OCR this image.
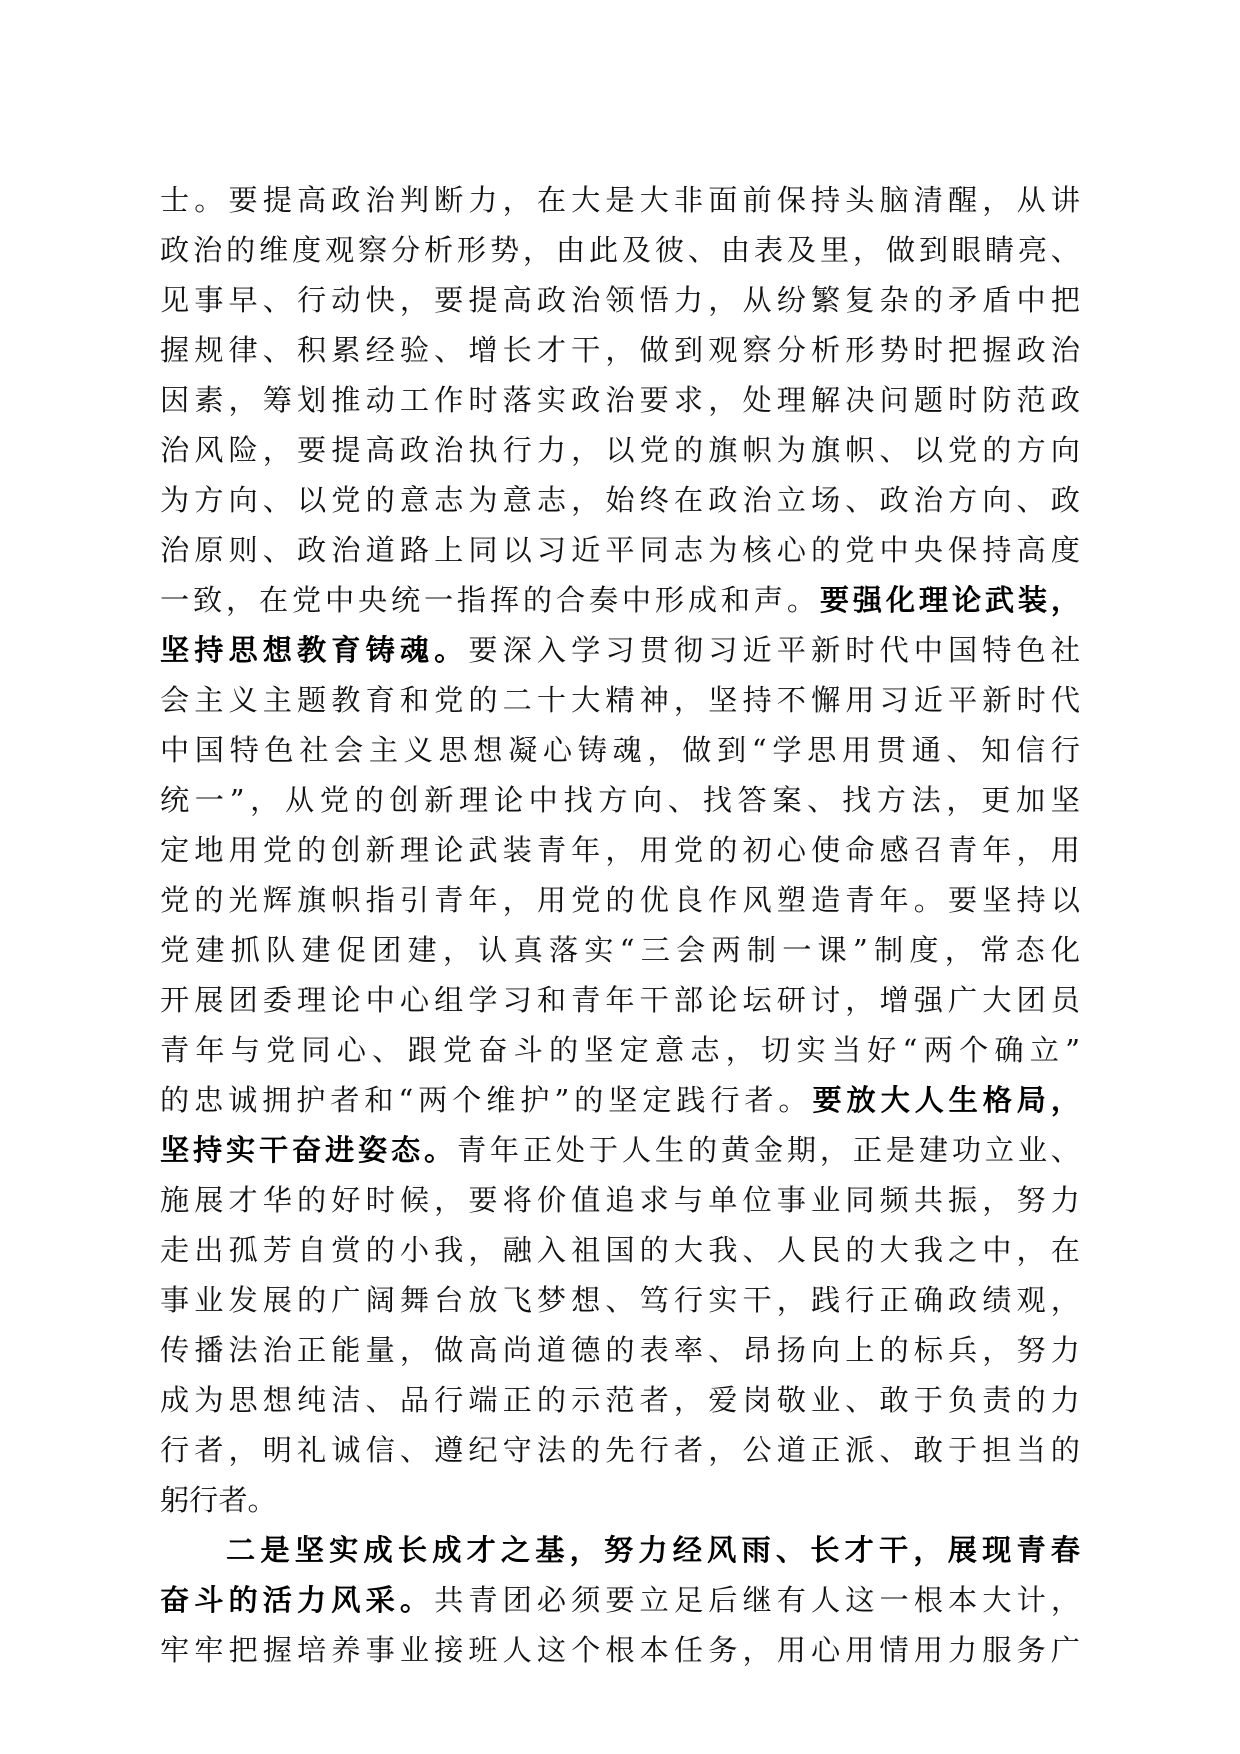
士。要提高政治判断力，在大是大非面前保持头脑清醒，从讲
政治的维度观察分析形势，由此及彼、由表及里，做到眼睛亮、
见事早、行动快，要提高政治领悟力，从纷繁复杂的矛盾中把
握规律、积累经验、增长才干，做到观察分析形势时把握政治
因素，筹划推动工作时落实政治要求，处理解决问题时防范政
治风险，要提高政治执行力，以党的旗帜为旗帜、以党的方向
为方向、以党的意志为意志，始终在政治立场、政治方向、政
治原则、政治道路上同以习近平同志为核心的党中央保持高度
一致，在党中央统一指挥的合奏中形成和声。要强化理论武装，
坚持思想教育铸魂。要深入学习贯彻习近平新时代中国特色社
会主义主题教育和党的二十大精神，坚持不懈用习近平新时代
中国特色社会主义思想凝心铸魂，做到“学思用贯通、知信行
统一”，从党的创新理论中找方向、找答案、找方法，更加坚
定地用党的创新理论武装青年，用党的初心使命感召青年，用
党的光辉旗帜指引青年，用党的优良作风塑造青年。要坚持以
党建抓队建促团建，认真落实“三会两制一课”制度，常态化
开展团委理论中心组学习和青年干部论坛研讨，增强广大团员
青年与党同心、跟党奋斗的坚定意志，切实当好“两个确立”
的忠诚拥护者和“两个维护”的坚定践行者。要放大人生格局，
坚持实干奋进姿态。青年正处于人生的黄金期，正是建功立业、
施展才华的好时候，要将价值追求与单位事业同频共振，努力
走出孤芳自赏的小我，融入祖国的大我、人民的大我之中，在
事业发展的广阔舞台放飞梦想、笃行实干，践行正确政绩观，
传播法治正能量，做高尚道德的表率、昂扬向上的标兵，努力
成为思想纯洁、品行端正的示范者，爱岗敬业、敢于负责的力
行者，明礼诚信、遵纪守法的先行者，公道正派、敢于担当的
躬行者。
二是坚实成长成才之基，努力经风雨、长才干，展现青春
奋斗的活力风采。共青团必须要立足后继有人这一根本大计，
牢牢把握培养事业接班人这个根本任务，用心用情用力服务广
